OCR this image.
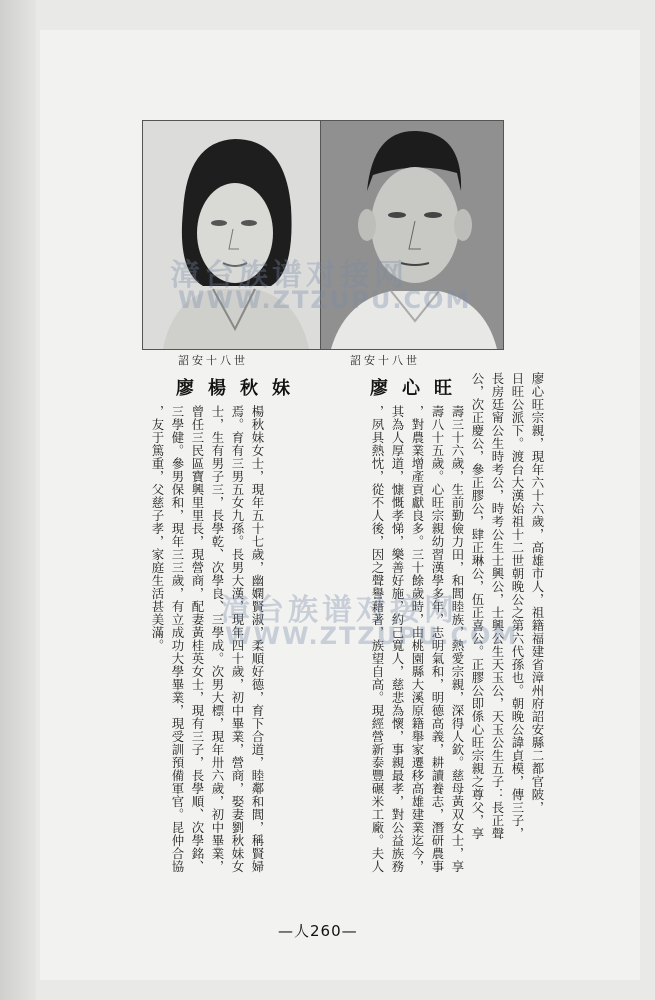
詔安十八世	詔安十八世
廖楊秋妹	廖心旺	廖心旺宗親，現年六十六歲，高雄市人，祖籍福建省漳州府詔安縣二都官陂，
日旺公派下。渡台大漢始祖十二世朝晚公之第六代孫也。朝晚公諱貞模，傳三子，
長房廷甯公生時考公，時考公生士興公，士興公生天玉公，天玉公生五子：長正聲
公，次正慶公，參正膠公，肆正琳公，伍正喜公。正膠公即係心旺宗親之尊父，享
壽三十六歲，生前勤儉力田，和閭睦族，熱愛宗親，深得人欽。慈母黃双女士，享
壽八十五歲。心旺宗親幼習漢學多年，志明氣和，明德高義，耕讀養志，潛研農事
，對農業增產貢獻良多。三十餘歲時，由桃園縣大溪原籍舉家遷移高雄建業迄今，
其為人厚道，慷慨孝悌，樂善好施，約己寬人，慈悲為懷，事親最孝，對公益族務
，夙具熱忱，從不人後，因之聲譽藉著，族望自高。現經營新泰豐碾米工廠。夫人
楊秋妹女士，現年五十七歲，幽嫻賢淑，柔順好德，育下合道，睦鄰和閭，稱賢婦
焉。育有三男五女九孫。長男大漢，現年四十歲，初中畢業，營商，娶妻劉秋妹女
士，生有男子三，長學乾、次學良、三學成。次男大標，現年卅六歲，初中畢業，
曾任三民區寶興里里長，現營商，配妻黃桂英女士，現有三子，長學順、次學銘、
三學健。參男保和，現年三三歲，有立成功大學畢業，現受訓預備軍官。昆仲合協
，友于篤重，父慈子孝，家庭生活甚美滿。
—人260—
漳台族谱对接网
WWW.ZTZUPU.COM
漳台族谱对接网
WWW.ZTZUPU.COM
